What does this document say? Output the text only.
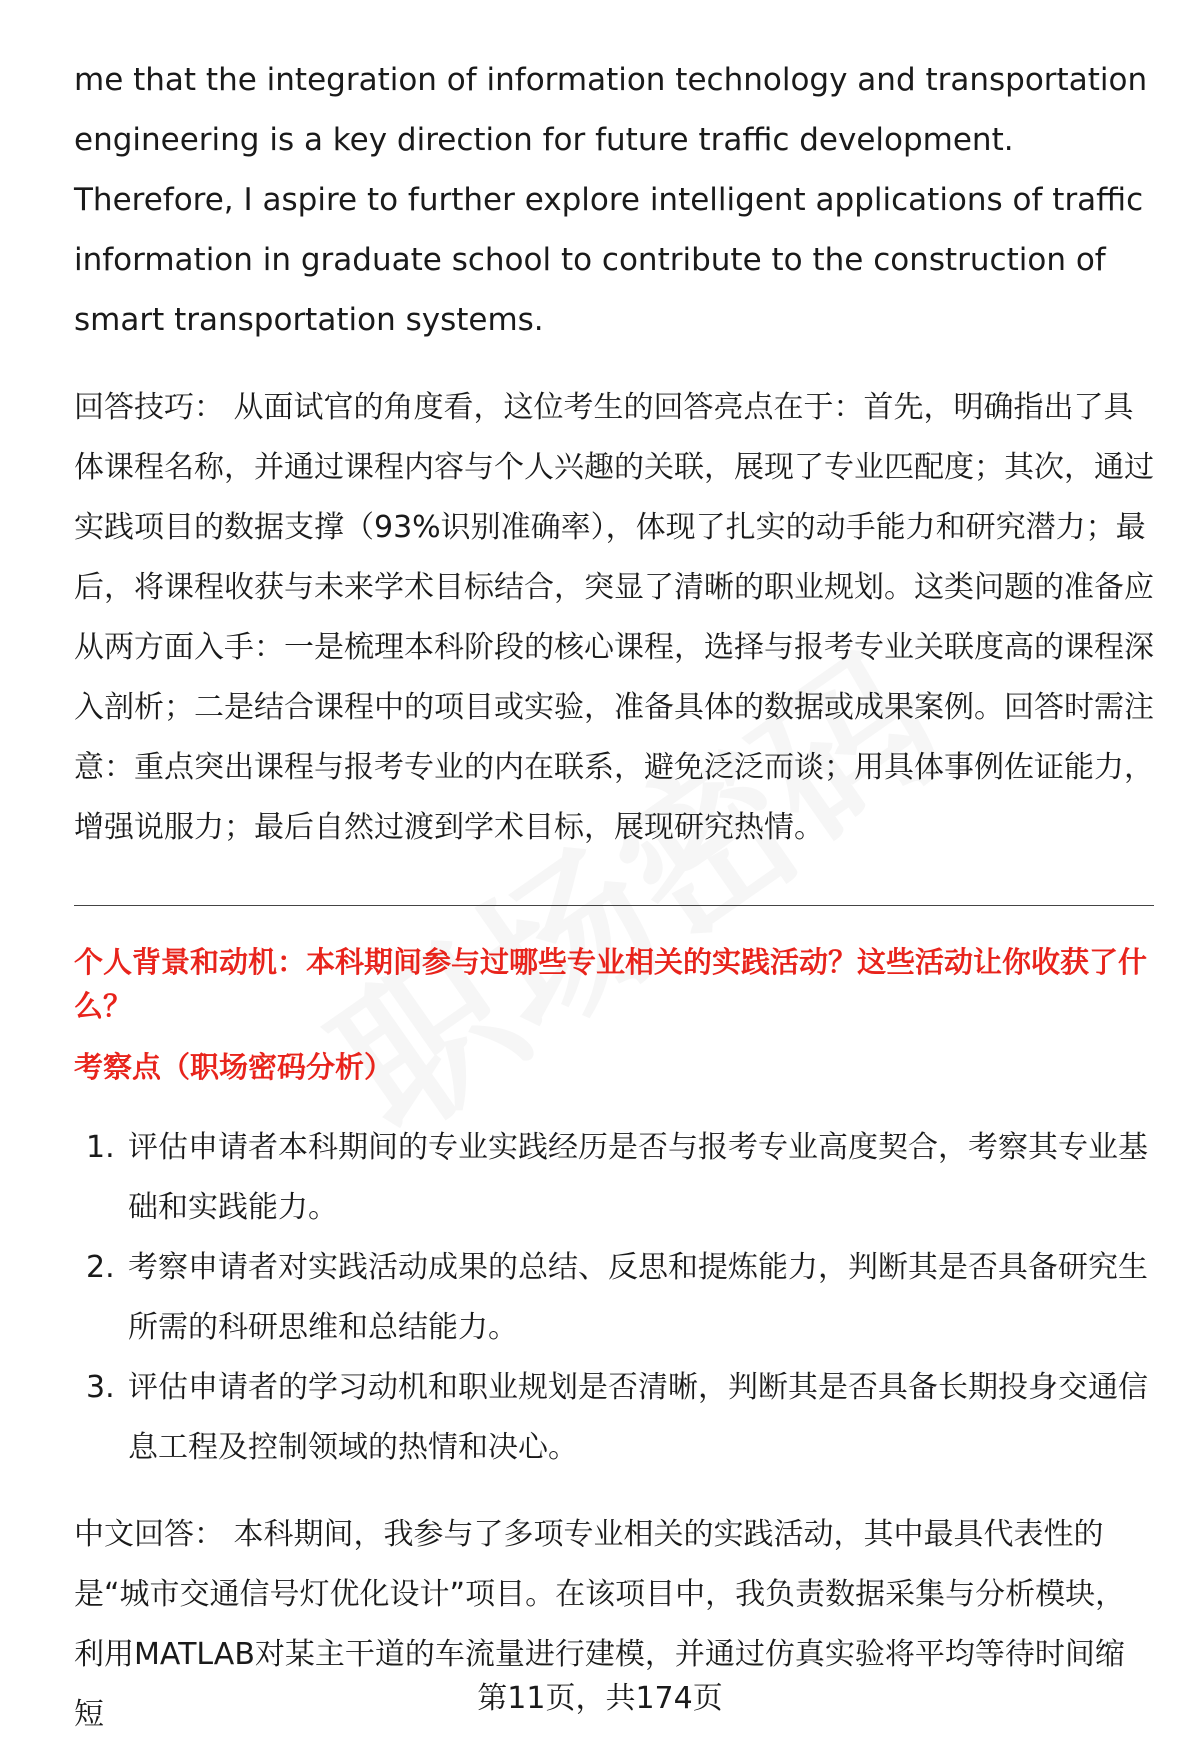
me that the integration of information technology and transportation engineering is a key direction for future traffic development. Therefore, I aspire to further explore intelligent applications of traffic information in graduate school to contribute to the construction of smart transportation systems.

回答技巧： 从面试官的角度看，这位考生的回答亮点在于：首先，明确指出了具体课程名称，并通过课程内容与个人兴趣的关联，展现了专业匹配度；其次，通过实践项目的数据支撑（93%识别准确率），体现了扎实的动手能力和研究潜力；最后，将课程收获与未来学术目标结合，突显了清晰的职业规划。这类问题的准备应从两方面入手：一是梳理本科阶段的核心课程，选择与报考专业关联度高的课程深入剖析；二是结合课程中的项目或实验，准备具体的数据或成果案例。回答时需注意：重点突出课程与报考专业的内在联系，避免泛泛而谈；用具体事例佐证能力，增强说服力；最后自然过渡到学术目标，展现研究热情。

个人背景和动机：本科期间参与过哪些专业相关的实践活动？这些活动让你收获了什么？
考察点（职场密码分析）
1. 评估申请者本科期间的专业实践经历是否与报考专业高度契合，考察其专业基础和实践能力。
2. 考察申请者对实践活动成果的总结、反思和提炼能力，判断其是否具备研究生所需的科研思维和总结能力。
3. 评估申请者的学习动机和职业规划是否清晰，判断其是否具备长期投身交通信息工程及控制领域的热情和决心。

中文回答： 本科期间，我参与了多项专业相关的实践活动，其中最具代表性的是“城市交通信号灯优化设计”项目。在该项目中，我负责数据采集与分析模块，利用MATLAB对某主干道的车流量进行建模，并通过仿真实验将平均等待时间缩短	第11页，共174页
